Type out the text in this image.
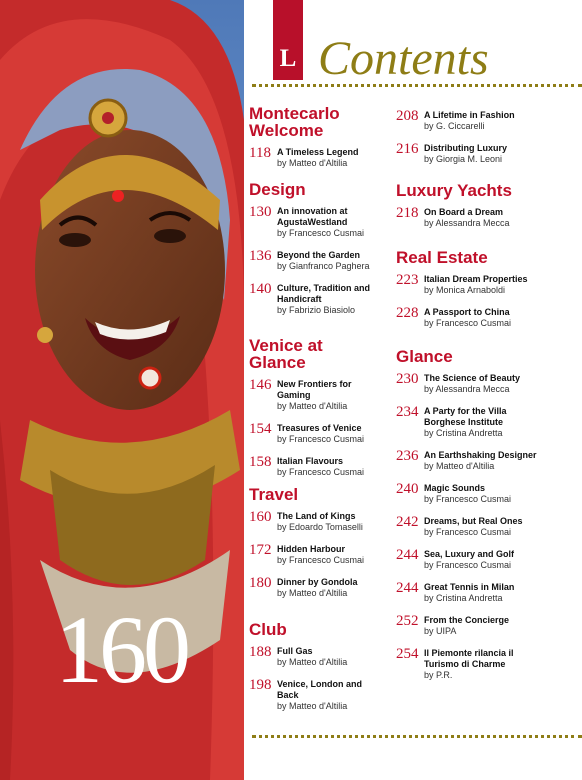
160
L Contents
Montecarlo Welcome
118 A Timeless Legend
by Matteo d'Altilia
Design
130 An innovation at AgustaWestland
by Francesco Cusmai
136 Beyond the Garden
by Gianfranco Paghera
140 Culture, Tradition and Handicraft
by Fabrizio Biasiolo
Venice at Glance
146 New Frontiers for Gaming
by Matteo d'Altilia
154 Treasures of Venice
by Francesco Cusmai
158 Italian Flavours
by Francesco Cusmai
Travel
160 The Land of Kings
by Edoardo Tomaselli
172 Hidden Harbour
by Francesco Cusmai
180 Dinner by Gondola
by Matteo d'Altilia
Club
188 Full Gas
by Matteo d'Altilia
198 Venice, London and Back
by Matteo d'Altilia
208 A Lifetime in Fashion
by G. Ciccarelli
216 Distributing Luxury
by Giorgia M. Leoni
Luxury Yachts
218 On Board a Dream
by Alessandra Mecca
Real Estate
223 Italian Dream Properties
by Monica Arnaboldi
228 A Passport to China
by Francesco Cusmai
Glance
230 The Science of Beauty
by Alessandra Mecca
234 A Party for the Villa Borghese Institute
by Cristina Andretta
236 An Earthshaking Designer
by Matteo d'Altilia
240 Magic Sounds
by Francesco Cusmai
242 Dreams, but Real Ones
by Francesco Cusmai
244 Sea, Luxury and Golf
by Francesco Cusmai
244 Great Tennis in Milan
by Cristina Andretta
252 From the Concierge
by UIPA
254 Il Piemonte rilancia il Turismo di Charme
by P.R.
